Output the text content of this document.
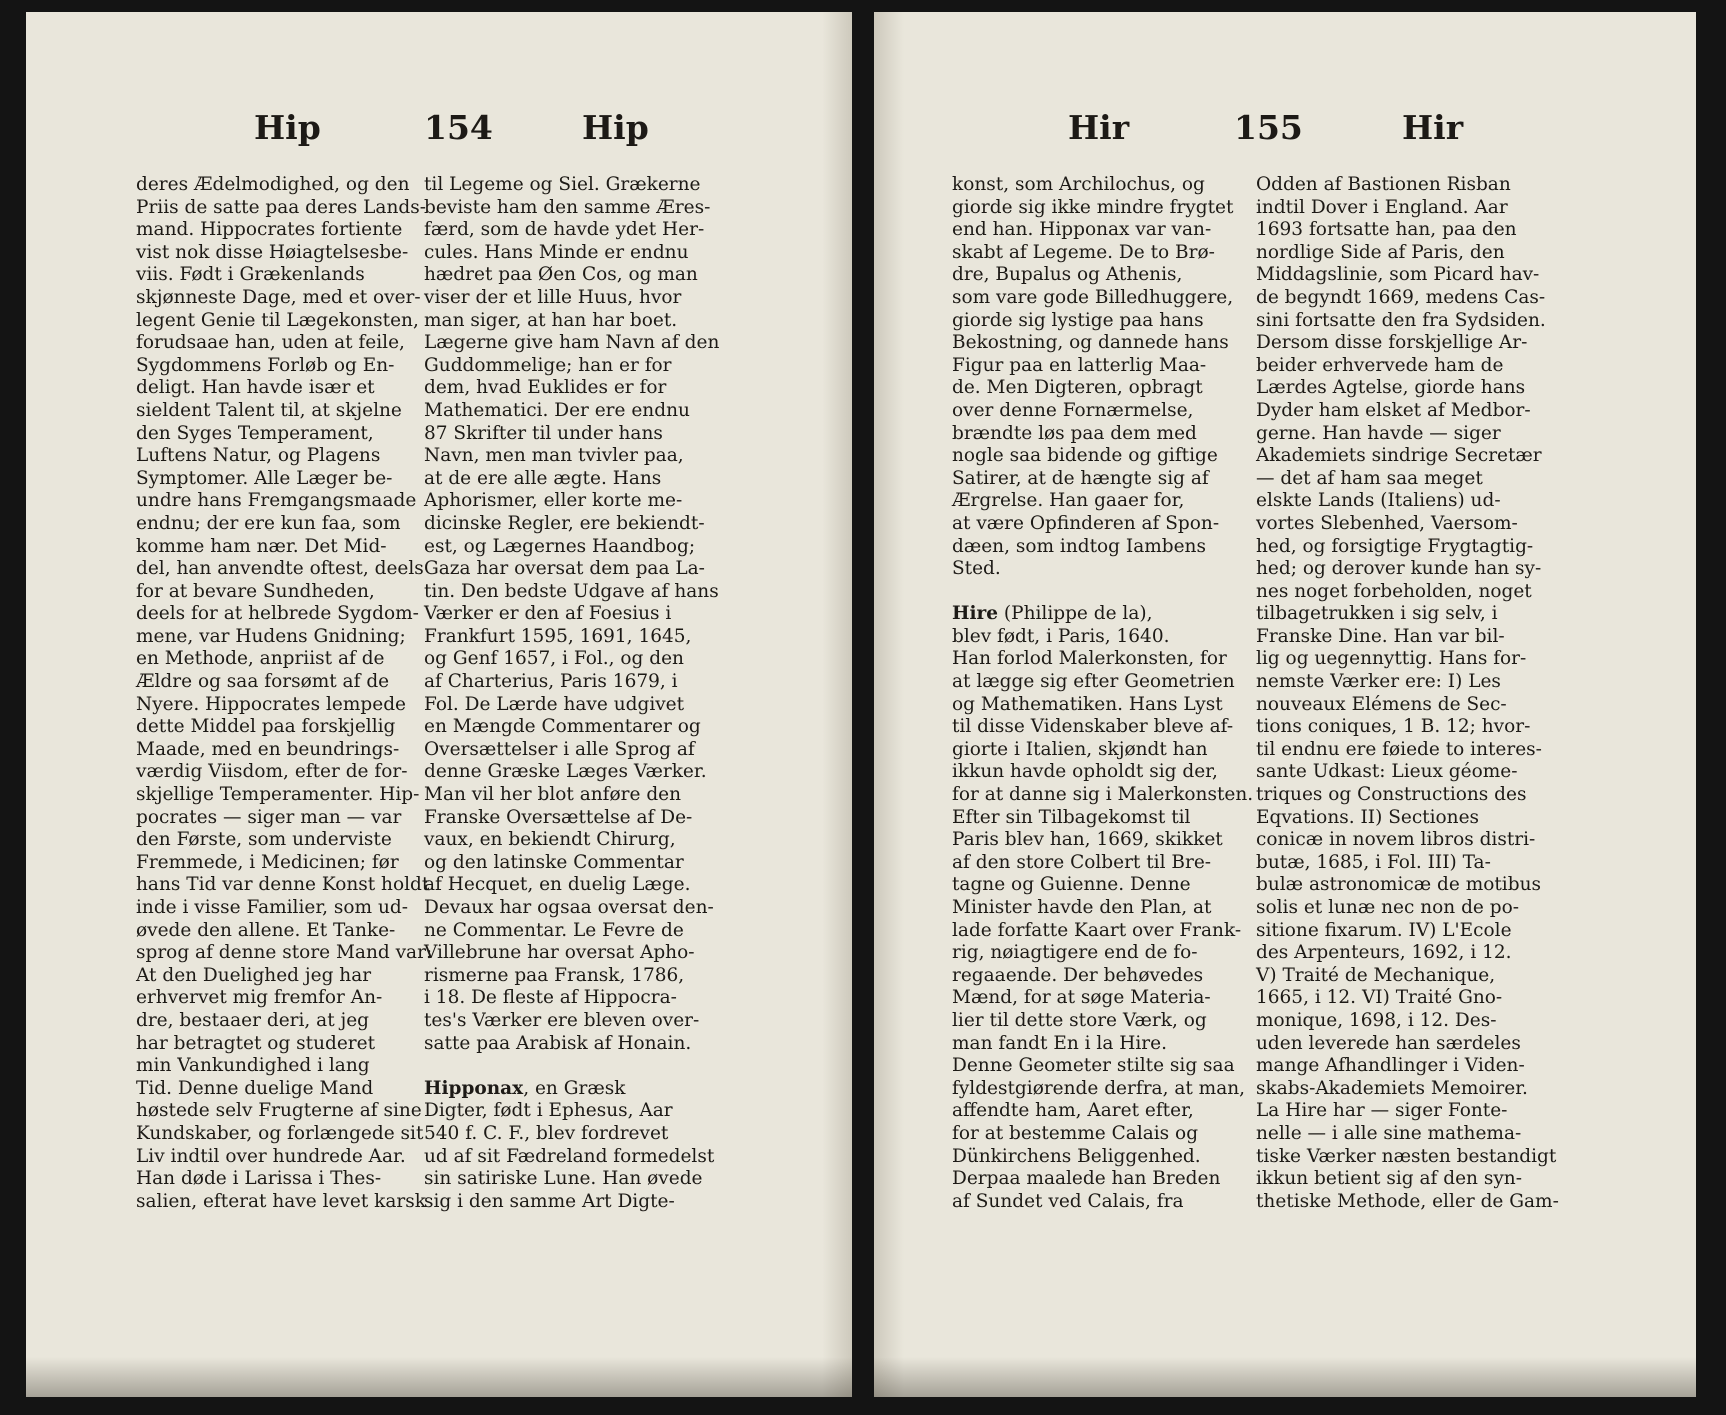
Hip	154	Hip
deres Ædelmodighed, og den
Priis de satte paa deres Lands-
mand. Hippocrates fortiente
vist nok disse Høiagtelsesbe-
viis. Født i Grækenlands
skjønneste Dage, med et over-
legent Genie til Lægekonsten,
forudsaae han, uden at feile,
Sygdommens Forløb og En-
deligt. Han havde især et
sieldent Talent til, at skjelne
den Syges Temperament,
Luftens Natur, og Plagens
Symptomer. Alle Læger be-
undre hans Fremgangsmaade
endnu; der ere kun faa, som
komme ham nær. Det Mid-
del, han anvendte oftest, deels
for at bevare Sundheden,
deels for at helbrede Sygdom-
mene, var Hudens Gnidning;
en Methode, anpriist af de
Ældre og saa forsømt af de
Nyere. Hippocrates lempede
dette Middel paa forskjellig
Maade, med en beundrings-
værdig Viisdom, efter de for-
skjellige Temperamenter. Hip-
pocrates — siger man — var
den Første, som underviste
Fremmede, i Medicinen; før
hans Tid var denne Konst holdt
inde i visse Familier, som ud-
øvede den allene. Et Tanke-
sprog af denne store Mand var:
At den Duelighed jeg har
erhvervet mig fremfor An-
dre, bestaaer deri, at jeg
har betragtet og studeret
min Vankundighed i lang
Tid. Denne duelige Mand
høstede selv Frugterne af sine
Kundskaber, og forlængede sit
Liv indtil over hundrede Aar.
Han døde i Larissa i Thes-
salien, efterat have levet karsk
til Legeme og Siel. Grækerne
beviste ham den samme Æres-
færd, som de havde ydet Her-
cules. Hans Minde er endnu
hædret paa Øen Cos, og man
viser der et lille Huus, hvor
man siger, at han har boet.
Lægerne give ham Navn af den
Guddommelige; han er for
dem, hvad Euklides er for
Mathematici. Der ere endnu
87 Skrifter til under hans
Navn, men man tvivler paa,
at de ere alle ægte. Hans
Aphorismer, eller korte me-
dicinske Regler, ere bekiendt-
est, og Lægernes Haandbog;
Gaza har oversat dem paa La-
tin. Den bedste Udgave af hans
Værker er den af Foesius i
Frankfurt 1595, 1691, 1645,
og Genf 1657, i Fol., og den
af Charterius, Paris 1679, i
Fol. De Lærde have udgivet
en Mængde Commentarer og
Oversættelser i alle Sprog af
denne Græske Læges Værker.
Man vil her blot anføre den
Franske Oversættelse af De-
vaux, en bekiendt Chirurg,
og den latinske Commentar
af Hecquet, en duelig Læge.
Devaux har ogsaa oversat den-
ne Commentar. Le Fevre de
Villebrune har oversat Apho-
rismerne paa Fransk, 1786,
i 18. De fleste af Hippocra-
tes's Værker ere bleven over-
satte paa Arabisk af Honain.
Hipponax, en Græsk
Digter, født i Ephesus, Aar
540 f. C. F., blev fordrevet
ud af sit Fædreland formedelst
sin satiriske Lune. Han øvede
sig i den samme Art Digte-
Hir	155	Hir
konst, som Archilochus, og
giorde sig ikke mindre frygtet
end han. Hipponax var van-
skabt af Legeme. De to Brø-
dre, Bupalus og Athenis,
som vare gode Billedhuggere,
giorde sig lystige paa hans
Bekostning, og dannede hans
Figur paa en latterlig Maa-
de. Men Digteren, opbragt
over denne Fornærmelse,
brændte løs paa dem med
nogle saa bidende og giftige
Satirer, at de hængte sig af
Ærgrelse. Han gaaer for,
at være Opfinderen af Spon-
dæen, som indtog Iambens
Sted.
Hire (Philippe de la),
blev født, i Paris, 1640.
Han forlod Malerkonsten, for
at lægge sig efter Geometrien
og Mathematiken. Hans Lyst
til disse Videnskaber bleve af-
giorte i Italien, skjøndt han
ikkun havde opholdt sig der,
for at danne sig i Malerkonsten.
Efter sin Tilbagekomst til
Paris blev han, 1669, skikket
af den store Colbert til Bre-
tagne og Guienne. Denne
Minister havde den Plan, at
lade forfatte Kaart over Frank-
rig, nøiagtigere end de fo-
regaaende. Der behøvedes
Mænd, for at søge Materia-
lier til dette store Værk, og
man fandt En i la Hire.
Denne Geometer stilte sig saa
fyldestgiørende derfra, at man,
affendte ham, Aaret efter,
for at bestemme Calais og
Dünkirchens Beliggenhed.
Derpaa maalede han Breden
af Sundet ved Calais, fra
Odden af Bastionen Risban
indtil Dover i England. Aar
1693 fortsatte han, paa den
nordlige Side af Paris, den
Middagslinie, som Picard hav-
de begyndt 1669, medens Cas-
sini fortsatte den fra Sydsiden.
Dersom disse forskjellige Ar-
beider erhvervede ham de
Lærdes Agtelse, giorde hans
Dyder ham elsket af Medbor-
gerne. Han havde — siger
Akademiets sindrige Secretær
— det af ham saa meget
elskte Lands (Italiens) ud-
vortes Slebenhed, Vaersom-
hed, og forsigtige Frygtagtig-
hed; og derover kunde han sy-
nes noget forbeholden, noget
tilbagetrukken i sig selv, i
Franske Dine. Han var bil-
lig og uegennyttig. Hans for-
nemste Værker ere: I) Les
nouveaux Elémens de Sec-
tions coniques, 1 B. 12; hvor-
til endnu ere føiede to interes-
sante Udkast: Lieux géome-
triques og Constructions des
Eqvations. II) Sectiones
conicæ in novem libros distri-
butæ, 1685, i Fol. III) Ta-
bulæ astronomicæ de motibus
solis et lunæ nec non de po-
sitione fixarum. IV) L'Ecole
des Arpenteurs, 1692, i 12.
V) Traité de Mechanique,
1665, i 12. VI) Traité Gno-
monique, 1698, i 12. Des-
uden leverede han særdeles
mange Afhandlinger i Viden-
skabs-Akademiets Memoirer.
La Hire har — siger Fonte-
nelle — i alle sine mathema-
tiske Værker næsten bestandigt
ikkun betient sig af den syn-
thetiske Methode, eller de Gam-
